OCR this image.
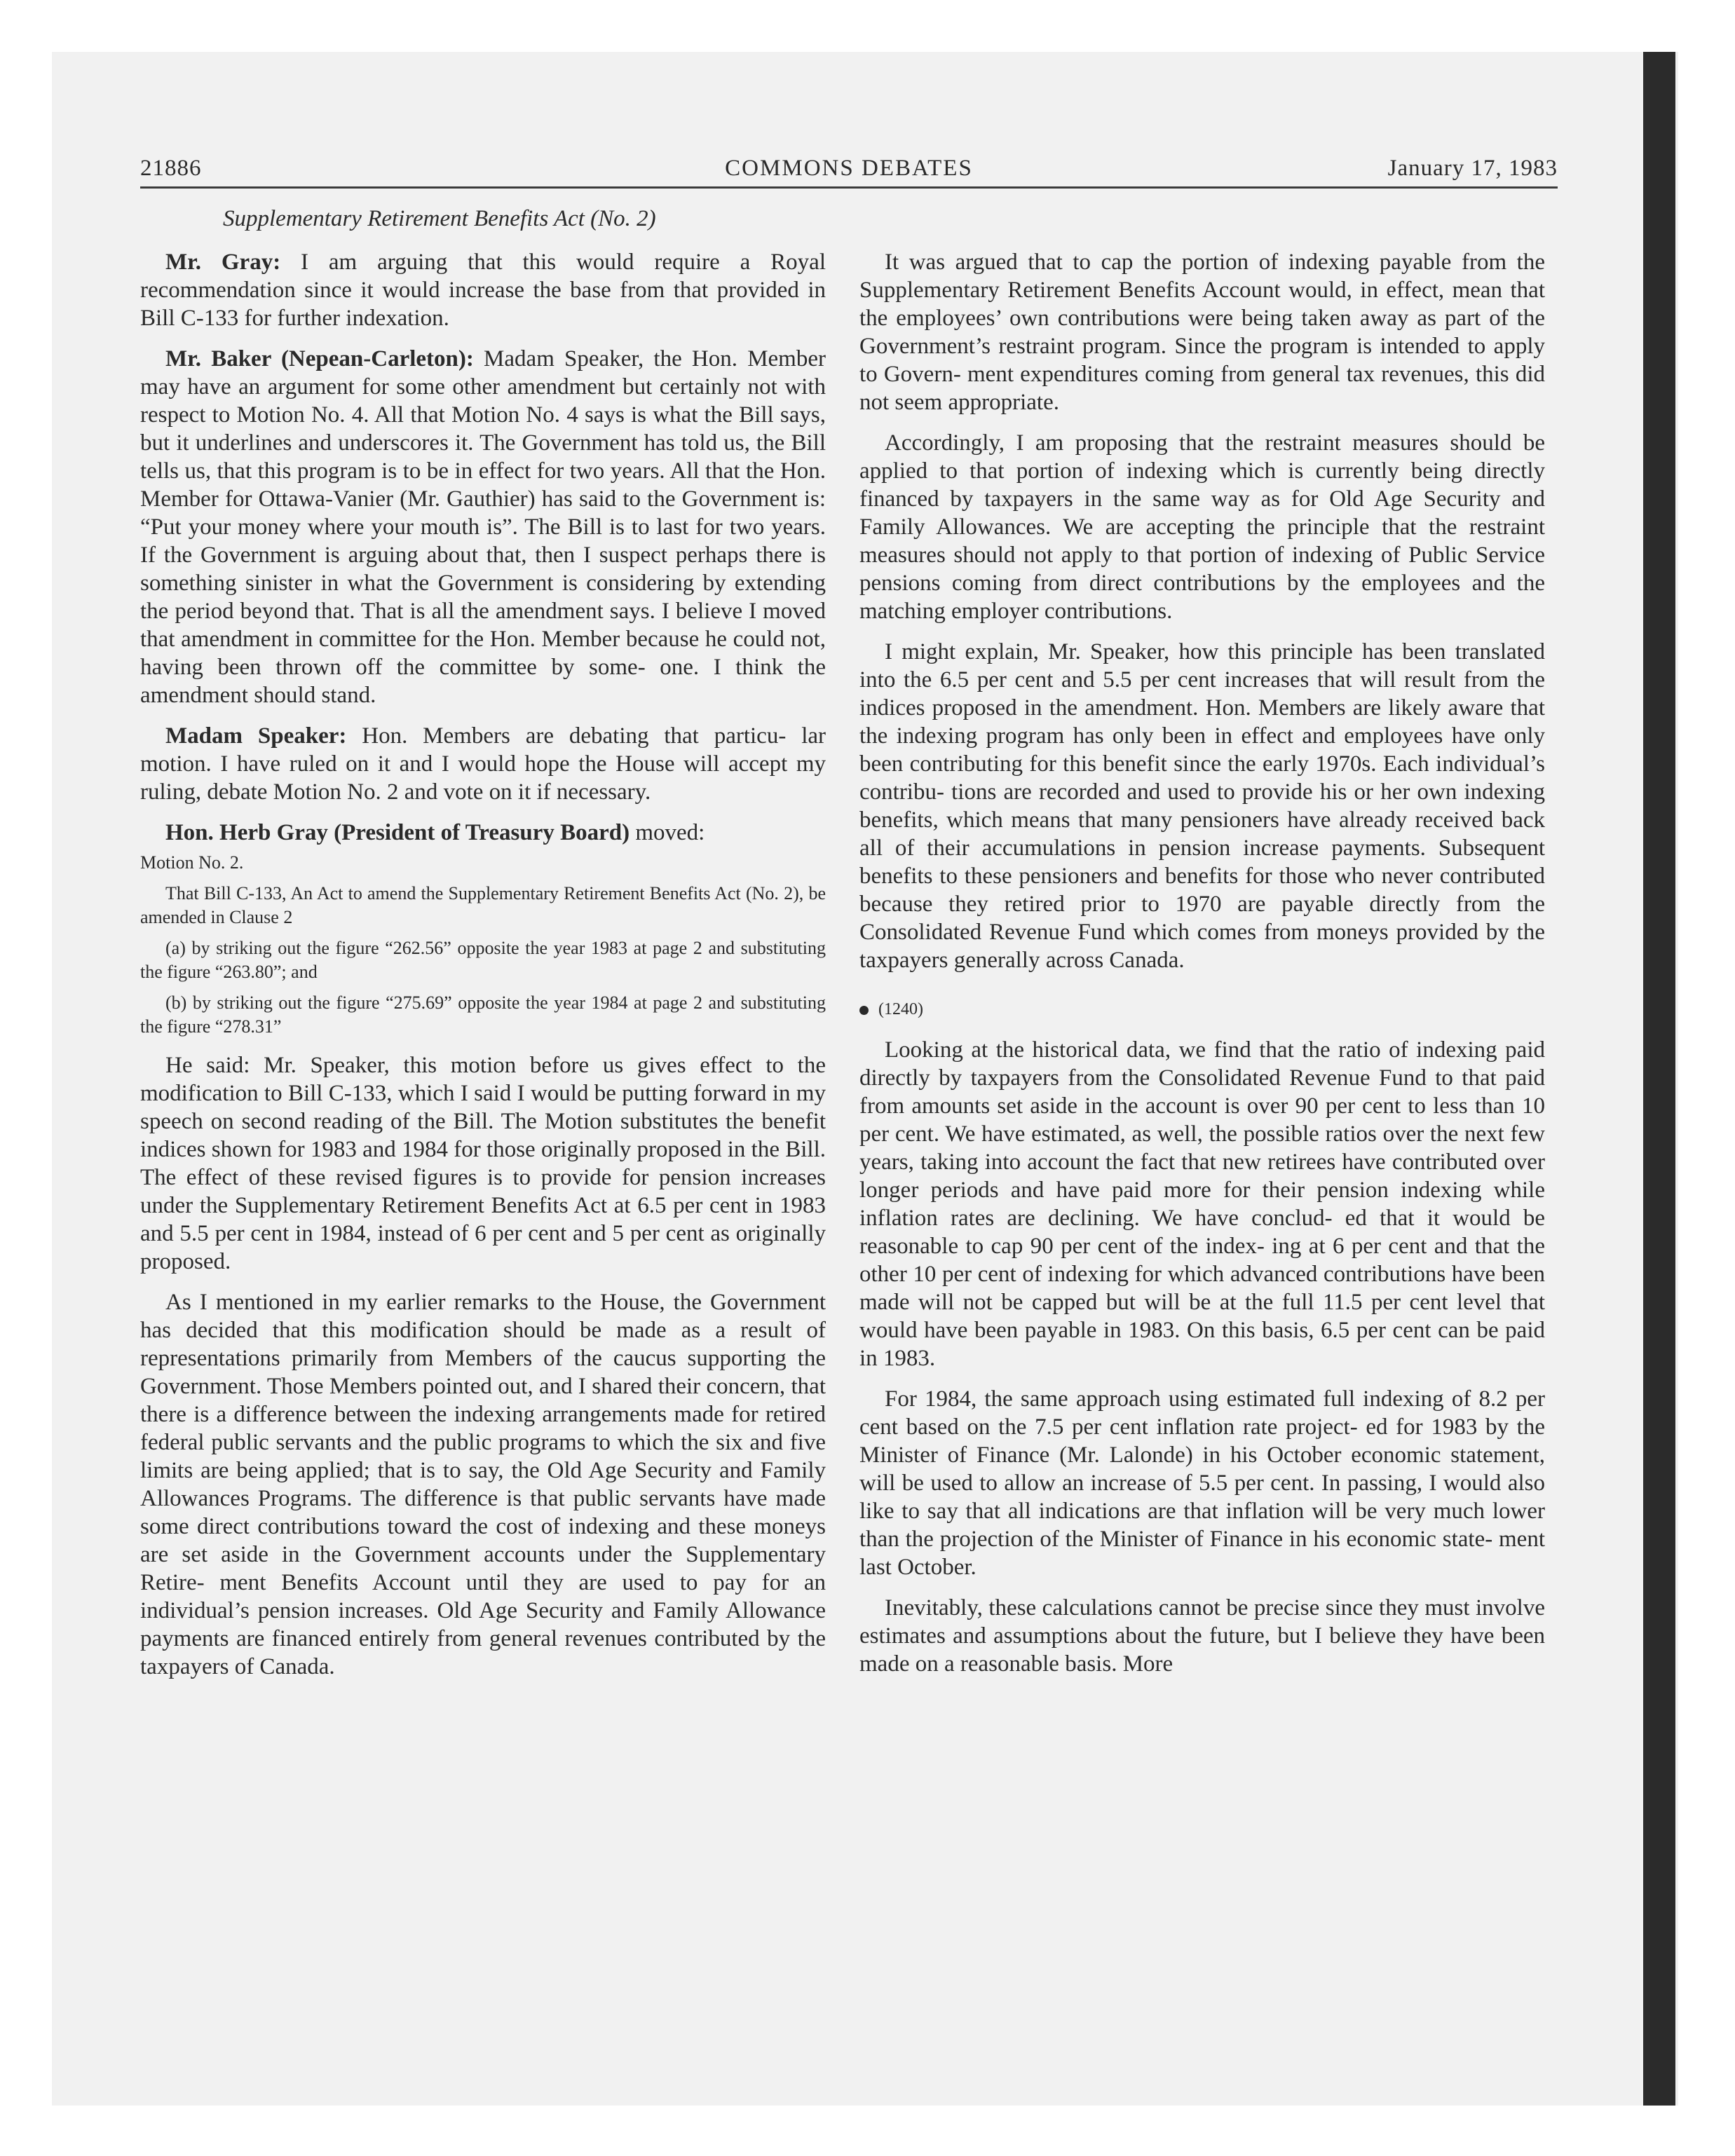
21886	COMMONS DEBATES	January 17, 1983

Supplementary Retirement Benefits Act (No. 2)

Mr. Gray: I am arguing that this would require a Royal recommendation since it would increase the base from that provided in Bill C-133 for further indexation.

Mr. Baker (Nepean-Carleton): Madam Speaker, the Hon. Member may have an argument for some other amendment but certainly not with respect to Motion No. 4. All that Motion No. 4 says is what the Bill says, but it underlines and underscores it. The Government has told us, the Bill tells us, that this program is to be in effect for two years. All that the Hon. Member for Ottawa-Vanier (Mr. Gauthier) has said to the Government is: “Put your money where your mouth is”. The Bill is to last for two years. If the Government is arguing about that, then I suspect perhaps there is something sinister in what the Government is considering by extending the period beyond that. That is all the amendment says. I believe I moved that amendment in committee for the Hon. Member because he could not, having been thrown off the committee by some- one. I think the amendment should stand.

Madam Speaker: Hon. Members are debating that particu- lar motion. I have ruled on it and I would hope the House will accept my ruling, debate Motion No. 2 and vote on it if necessary.

Hon. Herb Gray (President of Treasury Board) moved:

Motion No. 2.

That Bill C-133, An Act to amend the Supplementary Retirement Benefits Act (No. 2), be amended in Clause 2

(a) by striking out the figure “262.56” opposite the year 1983 at page 2 and substituting the figure “263.80”; and

(b) by striking out the figure “275.69” opposite the year 1984 at page 2 and substituting the figure “278.31”

He said: Mr. Speaker, this motion before us gives effect to the modification to Bill C-133, which I said I would be putting forward in my speech on second reading of the Bill. The Motion substitutes the benefit indices shown for 1983 and 1984 for those originally proposed in the Bill. The effect of these revised figures is to provide for pension increases under the Supplementary Retirement Benefits Act at 6.5 per cent in 1983 and 5.5 per cent in 1984, instead of 6 per cent and 5 per cent as originally proposed.

As I mentioned in my earlier remarks to the House, the Government has decided that this modification should be made as a result of representations primarily from Members of the caucus supporting the Government. Those Members pointed out, and I shared their concern, that there is a difference between the indexing arrangements made for retired federal public servants and the public programs to which the six and five limits are being applied; that is to say, the Old Age Security and Family Allowances Programs. The difference is that public servants have made some direct contributions toward the cost of indexing and these moneys are set aside in the Government accounts under the Supplementary Retire- ment Benefits Account until they are used to pay for an individual’s pension increases. Old Age Security and Family Allowance payments are financed entirely from general revenues contributed by the taxpayers of Canada.

It was argued that to cap the portion of indexing payable from the Supplementary Retirement Benefits Account would, in effect, mean that the employees’ own contributions were being taken away as part of the Government’s restraint program. Since the program is intended to apply to Govern- ment expenditures coming from general tax revenues, this did not seem appropriate.

Accordingly, I am proposing that the restraint measures should be applied to that portion of indexing which is currently being directly financed by taxpayers in the same way as for Old Age Security and Family Allowances. We are accepting the principle that the restraint measures should not apply to that portion of indexing of Public Service pensions coming from direct contributions by the employees and the matching employer contributions.

I might explain, Mr. Speaker, how this principle has been translated into the 6.5 per cent and 5.5 per cent increases that will result from the indices proposed in the amendment. Hon. Members are likely aware that the indexing program has only been in effect and employees have only been contributing for this benefit since the early 1970s. Each individual’s contribu- tions are recorded and used to provide his or her own indexing benefits, which means that many pensioners have already received back all of their accumulations in pension increase payments. Subsequent benefits to these pensioners and benefits for those who never contributed because they retired prior to 1970 are payable directly from the Consolidated Revenue Fund which comes from moneys provided by the taxpayers generally across Canada.

(1240)

Looking at the historical data, we find that the ratio of indexing paid directly by taxpayers from the Consolidated Revenue Fund to that paid from amounts set aside in the account is over 90 per cent to less than 10 per cent. We have estimated, as well, the possible ratios over the next few years, taking into account the fact that new retirees have contributed over longer periods and have paid more for their pension indexing while inflation rates are declining. We have conclud- ed that it would be reasonable to cap 90 per cent of the index- ing at 6 per cent and that the other 10 per cent of indexing for which advanced contributions have been made will not be capped but will be at the full 11.5 per cent level that would have been payable in 1983. On this basis, 6.5 per cent can be paid in 1983.

For 1984, the same approach using estimated full indexing of 8.2 per cent based on the 7.5 per cent inflation rate project- ed for 1983 by the Minister of Finance (Mr. Lalonde) in his October economic statement, will be used to allow an increase of 5.5 per cent. In passing, I would also like to say that all indications are that inflation will be very much lower than the projection of the Minister of Finance in his economic state- ment last October.

Inevitably, these calculations cannot be precise since they must involve estimates and assumptions about the future, but I believe they have been made on a reasonable basis. More
